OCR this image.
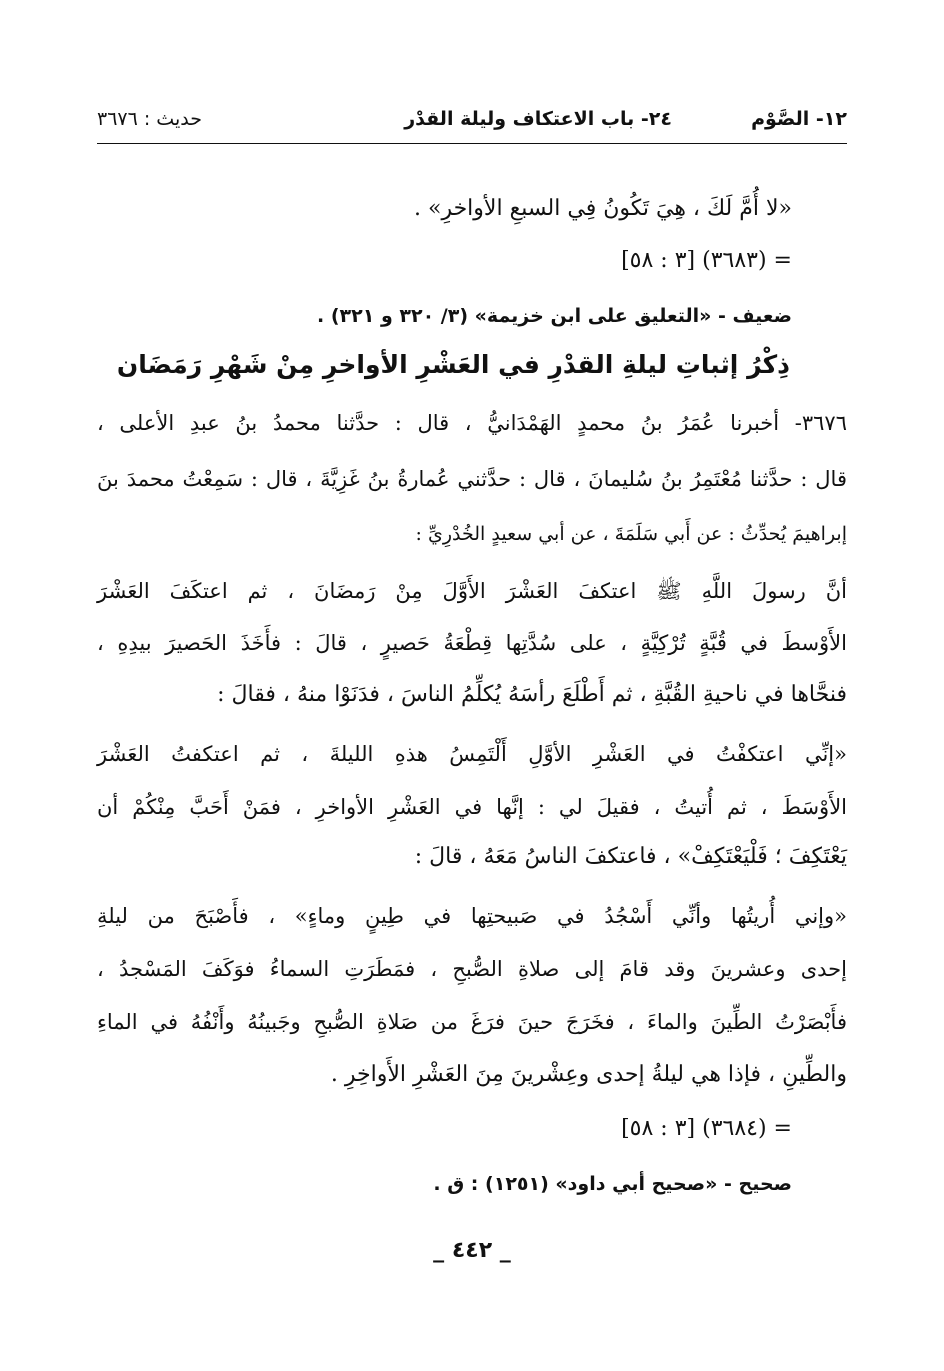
١٢- الصَّوْم
٢٤- باب الاعتكاف وليلة القدْر
حديث : ٣٦٧٦
«لا أُمَّ لَكَ ، هِيَ تَكُونُ فِي السبعِ الأواخرِ» .
= (٣٦٨٣) [٣ : ٥٨]
ضعيف - «التعليق على ابن خزيمة» (٣/ ٣٢٠ و ٣٢١) .
ذِكْرُ إثباتِ ليلةِ القدْرِ في العَشْرِ الأواخرِ مِنْ شَهْرِ رَمَضَان
٣٦٧٦- أخبرنا عُمَرُ بنُ محمدٍ الهَمْدَانيُّ ، قال : حدَّثنا محمدُ بنُ عبدِ الأعلى ،
قال : حدَّثنا مُعْتَمِرُ بنُ سُليمانَ ، قال : حدَّثني عُمارةُ بنُ غَزِيَّةَ ، قال : سَمِعْتُ محمدَ بنَ
إبراهيمَ يُحدِّثُ : عن أَبي سَلَمَةَ ، عن أبي سعيدٍ الخُدْرِيِّ :
أنَّ رسولَ اللَّهِ ﷺ اعتكفَ العَشْرَ الأَوَّلَ مِنْ رَمضَانَ ، ثم اعتكَفَ العَشْرَ
الأَوْسطَ في قُبَّةٍ تُرْكِيَّةٍ ، على سُدَّتِها قِطْعَةُ حَصيرٍ ، قالَ : فأَخَذَ الحَصيرَ بيدِهِ ،
فنحَّاها في ناحيةِ القُبَّةِ ، ثم أَطْلَعَ رأسَهُ يُكلِّمُ الناسَ ، فدَنَوْا منهُ ، فقالَ :
«إنِّي اعتكفْتُ في العَشْرِ الأوَّلِ أَلْتَمِسُ هذهِ الليلةَ ، ثم اعتكفتُ العَشْرَ
الأَوْسَطَ ، ثم أُتيتُ ، فقيلَ لي : إنَّها في العَشْرِ الأواخرِ ، فمَنْ أَحَبَّ مِنْكُمْ أن
يَعْتَكِفَ ؛ فَلْيَعْتَكِفْ» ، فاعتكفَ الناسُ مَعَهُ ، قالَ :
«وإني أُريتُها وأنِّي أَسْجُدُ في صَبيحتِها في طِينٍ وماءٍ» ، فأَصْبَحَ من ليلةِ
إحدى وعشرينَ وقد قامَ إلى صلاةِ الصُّبحِ ، فمَطَرَتِ السماءُ فوَكَفَ المَسْجدُ ،
فأَبْصَرْتُ الطِّينَ والماءَ ، فخَرَجَ حينَ فرَغَ من صَلاةِ الصُّبحِ وجَبينُهُ وأَنْفُهُ في الماءِ
والطِّينِ ، فإذا هي ليلةُ إحدى وعِشْرينَ مِنَ العَشْرِ الأَواخِرِ .
= (٣٦٨٤) [٣ : ٥٨]
صحيح - «صحيح أبي داود» (١٢٥١) : ق .
_ ٤٤٢ _
